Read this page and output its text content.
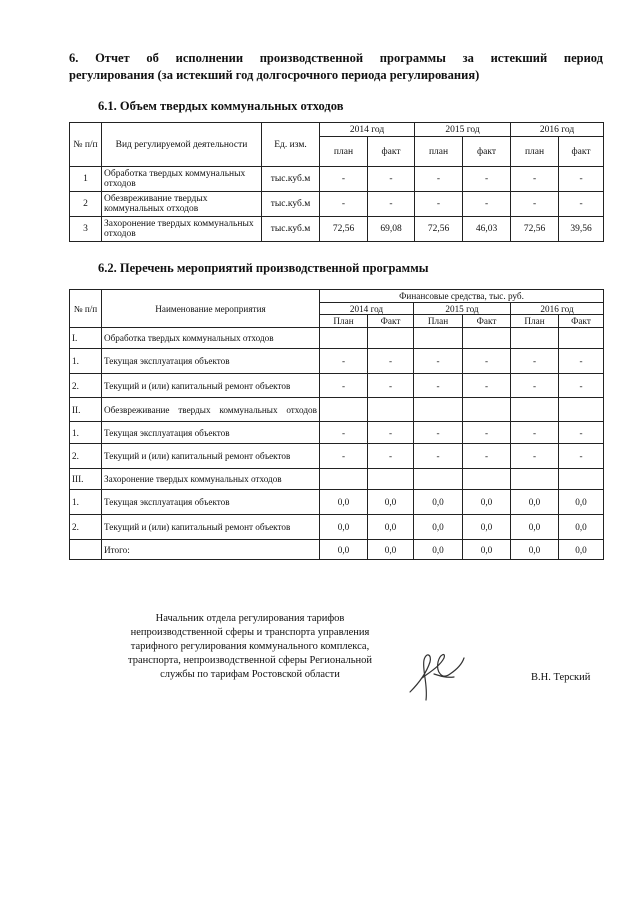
6. Отчет об исполнении производственной программы за истекший период
регулирования (за истекший год долгосрочного периода регулирования)
6.1. Объем твердых коммунальных отходов
№ п/п	Вид регулируемой деятельности	Ед. изм.	2014 год		2015 год		2016 год	
			план	факт	план	факт	план	факт
1	Обработка твердых коммунальных отходов	тыс.куб.м	-	-	-	-	-	-
2	Обезвреживание твердых коммунальных отходов	тыс.куб.м	-	-	-	-	-	-
3	Захоронение твердых коммунальных отходов	тыс.куб.м	72,56	69,08	72,56	46,03	72,56	39,56
6.2. Перечень мероприятий производственной программы
№ п/п	Наименование мероприятия	Финансовые средства, тыс. руб.					
		2014 год		2015 год		2016 год	
		План	Факт	План	Факт	План	Факт
I.	Обработка твердых коммунальных отходов						
1.	Текущая эксплуатация объектов	-	-	-	-	-	-
2.	Текущий и (или) капитальный ремонт объектов	-	-	-	-	-	-
II.	Обезвреживание твердых коммунальных отходов						
1.	Текущая эксплуатация объектов	-	-	-	-	-	-
2.	Текущий и (или) капитальный ремонт объектов	-	-	-	-	-	-
III.	Захоронение твердых коммунальных отходов						
1.	Текущая эксплуатация объектов	0,0	0,0	0,0	0,0	0,0	0,0
2.	Текущий и (или) капитальный ремонт объектов	0,0	0,0	0,0	0,0	0,0	0,0
	Итого:	0,0	0,0	0,0	0,0	0,0	0,0
Начальник отдела регулирования тарифов
непроизводственной сферы и транспорта управления
тарифного регулирования коммунального комплекса,
транспорта, непроизводственной сферы Региональной
службы по тарифам Ростовской области	В.Н. Терский
